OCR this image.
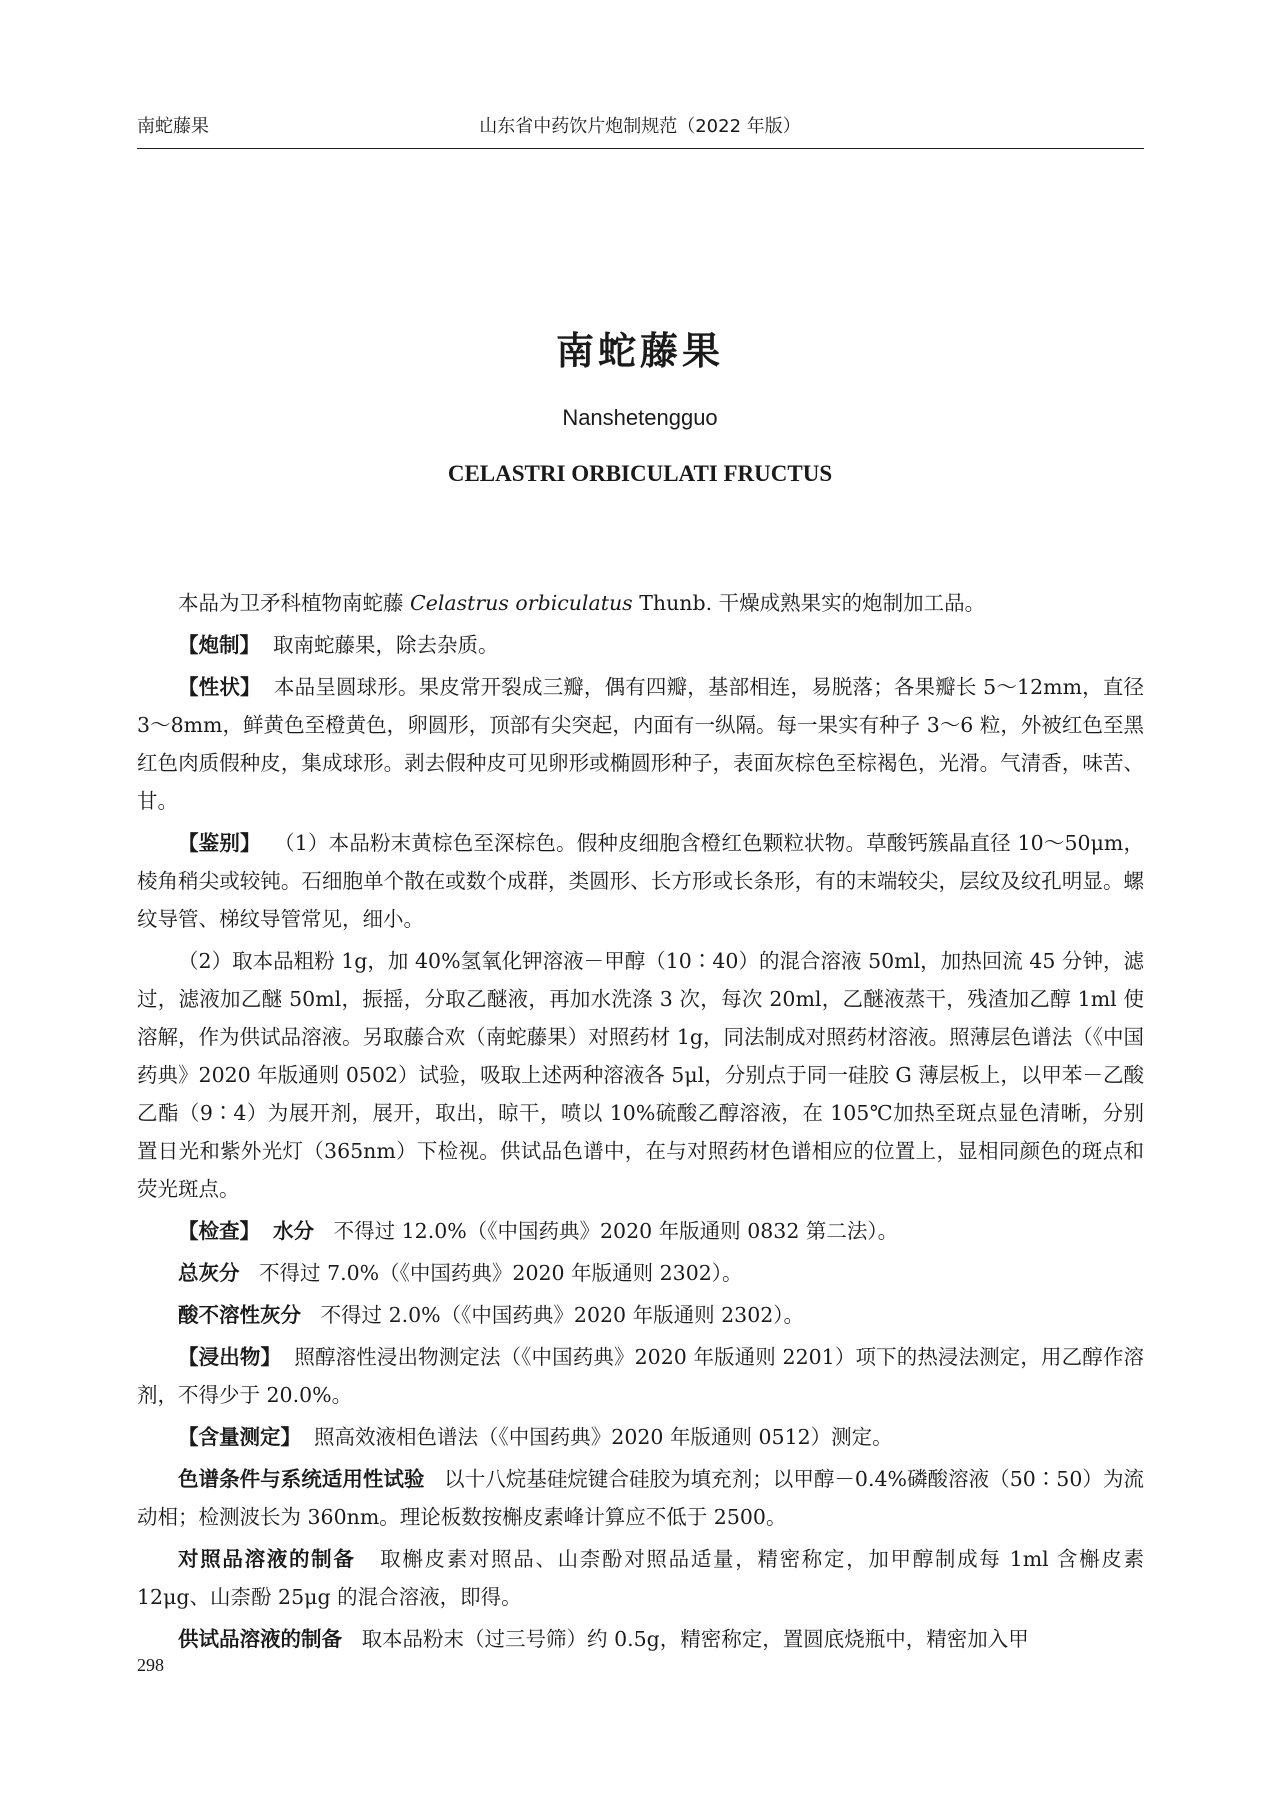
南蛇藤果	山东省中药饮片炮制规范（2022 年版）
南蛇藤果
Nanshetengguo
CELASTRI ORBICULATI FRUCTUS

本品为卫矛科植物南蛇藤 Celastrus orbiculatus Thunb. 干燥成熟果实的炮制加工品。

【炮制】 取南蛇藤果，除去杂质。

【性状】 本品呈圆球形。果皮常开裂成三瓣，偶有四瓣，基部相连，易脱落；各果瓣长 5～12mm，直径 3～8mm，鲜黄色至橙黄色，卵圆形，顶部有尖突起，内面有一纵隔。每一果实有种子 3～6 粒，外被红色至黑红色肉质假种皮，集成球形。剥去假种皮可见卵形或椭圆形种子，表面灰棕色至棕褐色，光滑。气清香，味苦、甘。

【鉴别】 （1）本品粉末黄棕色至深棕色。假种皮细胞含橙红色颗粒状物。草酸钙簇晶直径 10～50μm，棱角稍尖或较钝。石细胞单个散在或数个成群，类圆形、长方形或长条形，有的末端较尖，层纹及纹孔明显。螺纹导管、梯纹导管常见，细小。

（2）取本品粗粉 1g，加 40%氢氧化钾溶液－甲醇（10∶40）的混合溶液 50ml，加热回流 45 分钟，滤过，滤液加乙醚 50ml，振摇，分取乙醚液，再加水洗涤 3 次，每次 20ml，乙醚液蒸干，残渣加乙醇 1ml 使溶解，作为供试品溶液。另取藤合欢（南蛇藤果）对照药材 1g，同法制成对照药材溶液。照薄层色谱法（《中国药典》2020 年版通则 0502）试验，吸取上述两种溶液各 5μl，分别点于同一硅胶 G 薄层板上，以甲苯－乙酸乙酯（9∶4）为展开剂，展开，取出，晾干，喷以 10%硫酸乙醇溶液，在 105℃加热至斑点显色清晰，分别置日光和紫外光灯（365nm）下检视。供试品色谱中，在与对照药材色谱相应的位置上，显相同颜色的斑点和荧光斑点。

【检查】 水分 不得过 12.0%（《中国药典》2020 年版通则 0832 第二法）。

总灰分 不得过 7.0%（《中国药典》2020 年版通则 2302）。

酸不溶性灰分 不得过 2.0%（《中国药典》2020 年版通则 2302）。

【浸出物】 照醇溶性浸出物测定法（《中国药典》2020 年版通则 2201）项下的热浸法测定，用乙醇作溶剂，不得少于 20.0%。

【含量测定】 照高效液相色谱法（《中国药典》2020 年版通则 0512）测定。

色谱条件与系统适用性试验 以十八烷基硅烷键合硅胶为填充剂；以甲醇－0.4%磷酸溶液（50∶50）为流动相；检测波长为 360nm。理论板数按槲皮素峰计算应不低于 2500。

对照品溶液的制备 取槲皮素对照品、山柰酚对照品适量，精密称定，加甲醇制成每 1ml 含槲皮素 12μg、山柰酚 25μg 的混合溶液，即得。

供试品溶液的制备 取本品粉末（过三号筛）约 0.5g，精密称定，置圆底烧瓶中，精密加入甲

298
